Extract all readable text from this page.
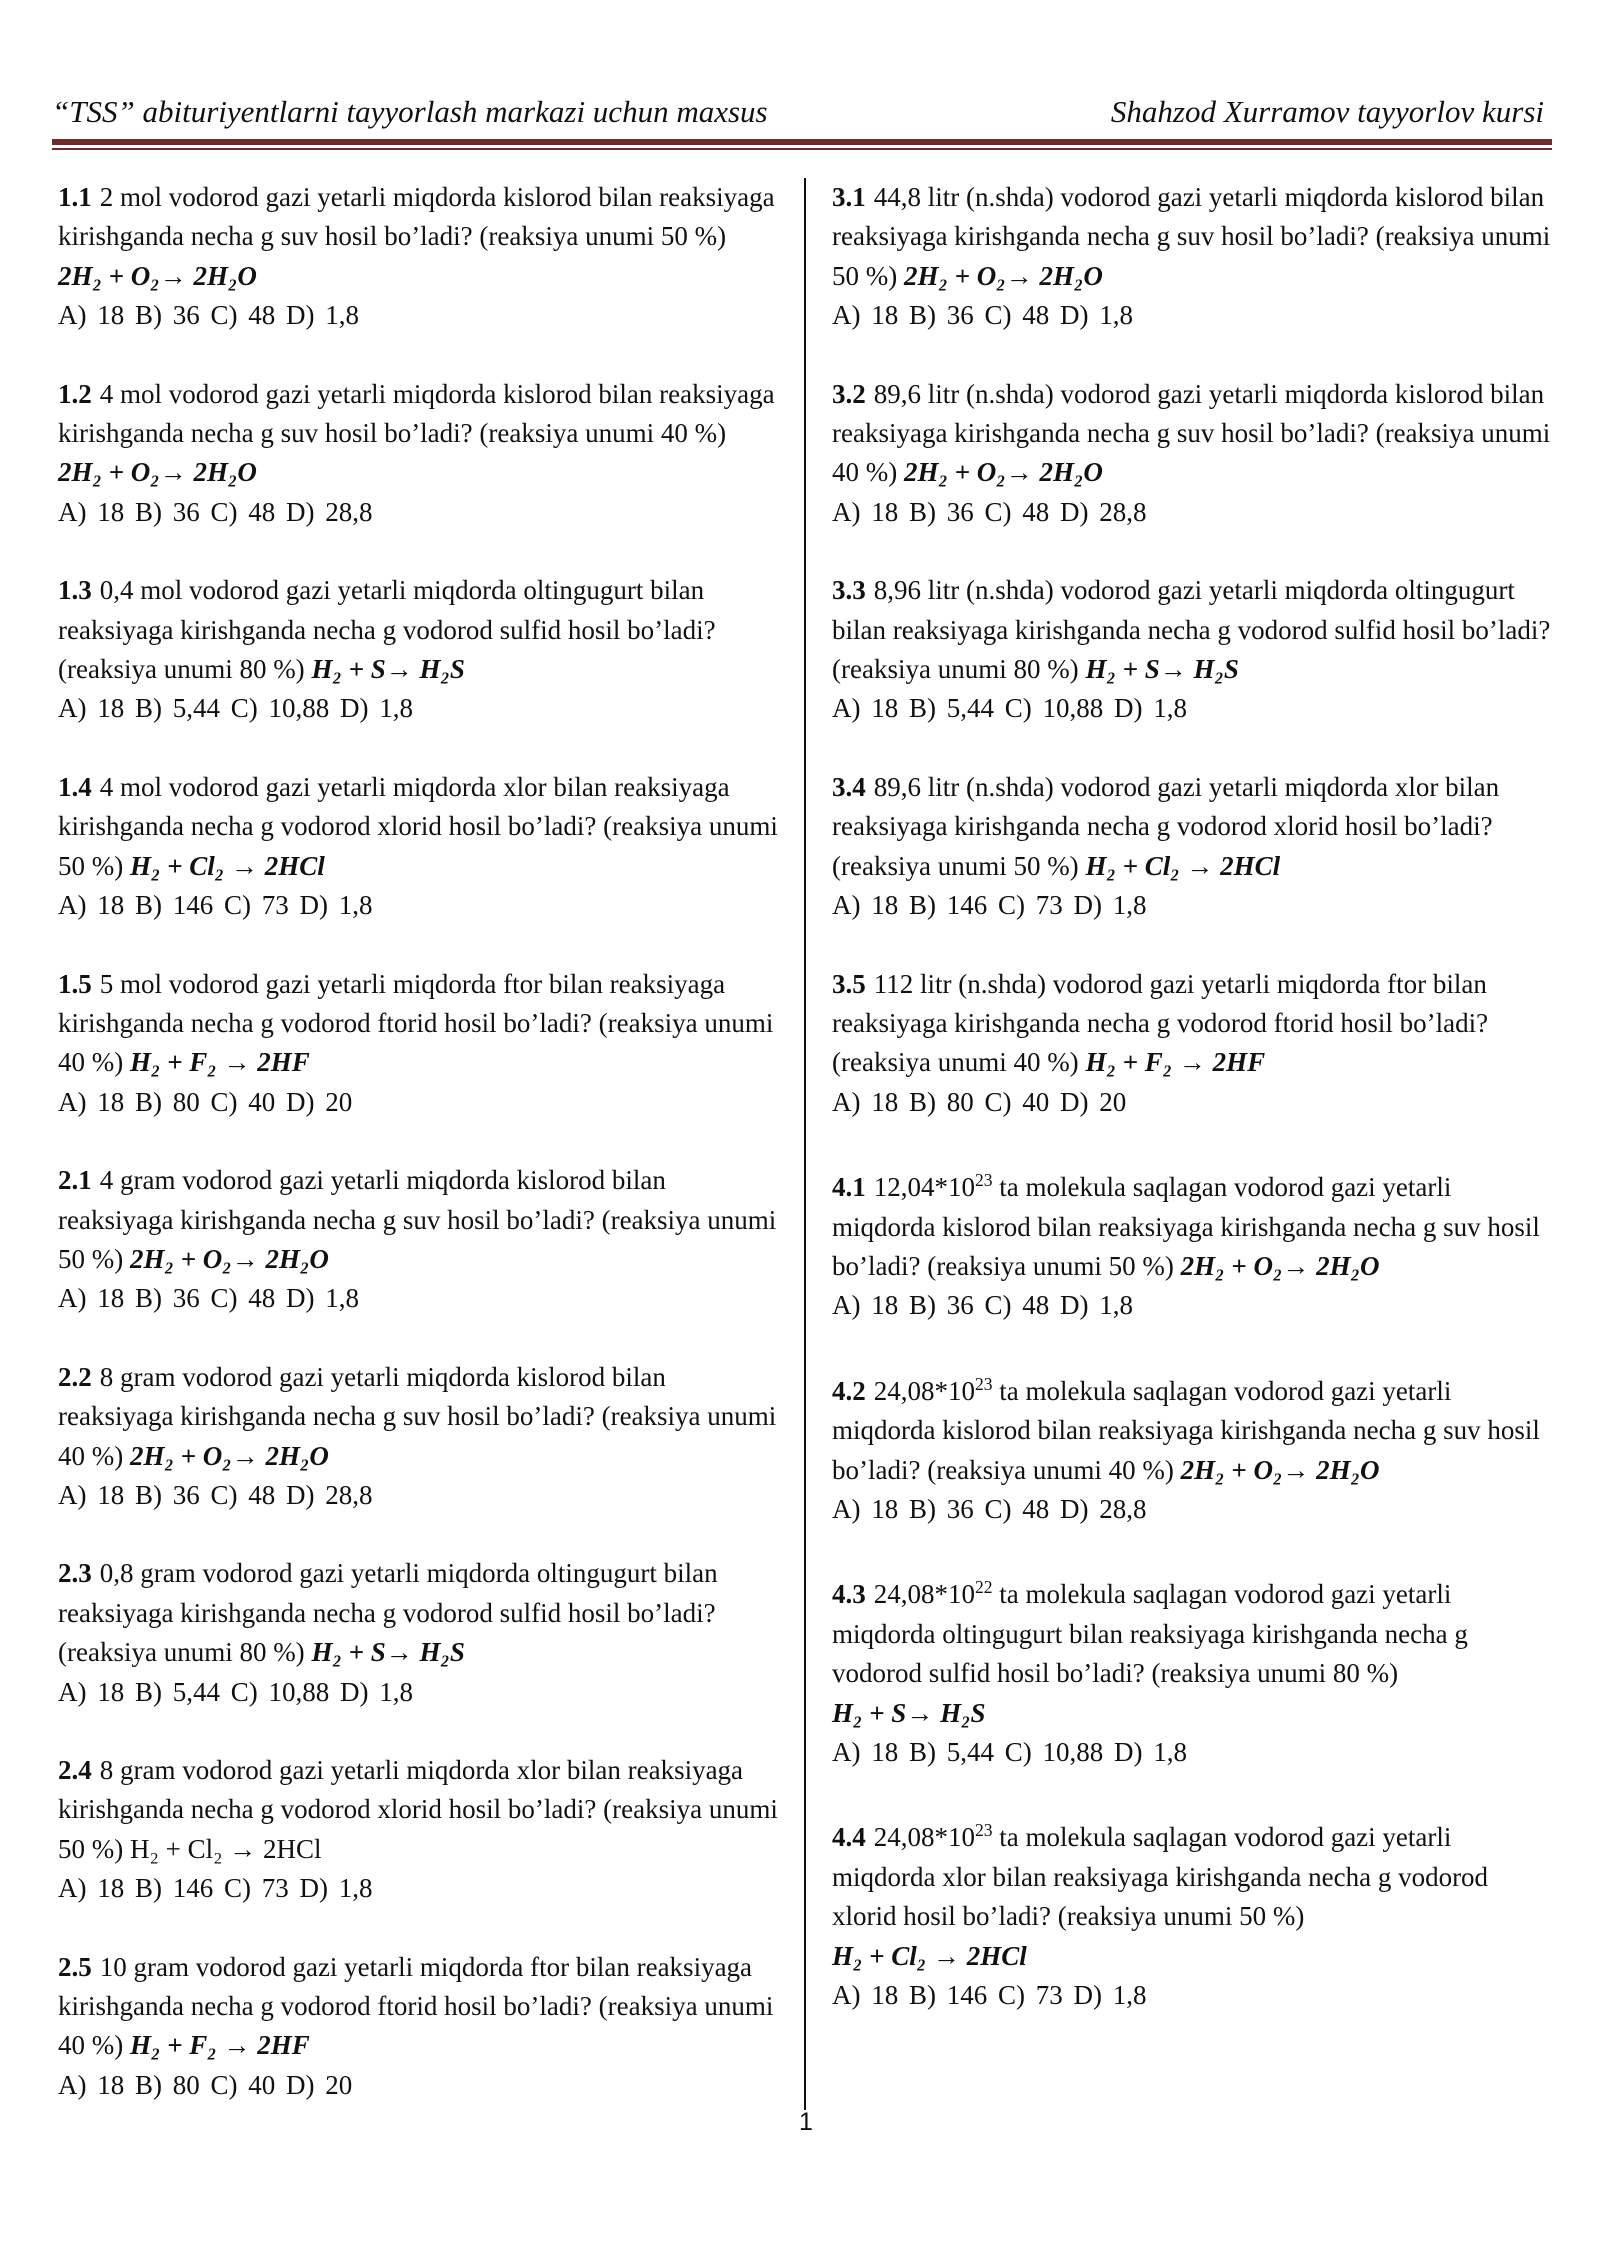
“TSS” abituriyentlarni tayyorlash markazi uchun maxsus	Shahzod Xurramov tayyorlov kursi
1.1 2 mol vodorod gazi yetarli miqdorda kislorod bilan reaksiyaga kirishganda necha g suv hosil bo’ladi? (reaksiya unumi 50 %) 2H₂ + O₂→ 2H₂O
A) 18 B) 36 C) 48 D) 1,8
1.2 4 mol vodorod gazi yetarli miqdorda kislorod bilan reaksiyaga kirishganda necha g suv hosil bo’ladi? (reaksiya unumi 40 %) 2H₂ + O₂→ 2H₂O
A) 18 B) 36 C) 48 D) 28,8
1.3 0,4 mol vodorod gazi yetarli miqdorda oltingugurt bilan reaksiyaga kirishganda necha g vodorod sulfid hosil bo’ladi? (reaksiya unumi 80 %) H₂ + S→ H₂S
A) 18 B) 5,44 C) 10,88 D) 1,8
1.4 4 mol vodorod gazi yetarli miqdorda xlor bilan reaksiyaga kirishganda necha g vodorod xlorid hosil bo’ladi? (reaksiya unumi 50 %) H₂ + Cl₂ → 2HCl
A) 18 B) 146 C) 73 D) 1,8
1.5 5 mol vodorod gazi yetarli miqdorda ftor bilan reaksiyaga kirishganda necha g vodorod ftorid hosil bo’ladi? (reaksiya unumi 40 %) H₂ + F₂ → 2HF
A) 18 B) 80 C) 40 D) 20
2.1 4 gram vodorod gazi yetarli miqdorda kislorod bilan reaksiyaga kirishganda necha g suv hosil bo’ladi? (reaksiya unumi 50 %) 2H₂ + O₂→ 2H₂O
A) 18 B) 36 C) 48 D) 1,8
2.2 8 gram vodorod gazi yetarli miqdorda kislorod bilan reaksiyaga kirishganda necha g suv hosil bo’ladi? (reaksiya unumi 40 %) 2H₂ + O₂→ 2H₂O
A) 18 B) 36 C) 48 D) 28,8
2.3 0,8 gram vodorod gazi yetarli miqdorda oltingugurt bilan reaksiyaga kirishganda necha g vodorod sulfid hosil bo’ladi? (reaksiya unumi 80 %) H₂ + S→ H₂S
A) 18 B) 5,44 C) 10,88 D) 1,8
2.4 8 gram vodorod gazi yetarli miqdorda xlor bilan reaksiyaga kirishganda necha g vodorod xlorid hosil bo’ladi? (reaksiya unumi 50 %) H₂ + Cl₂ → 2HCl
A) 18 B) 146 C) 73 D) 1,8
2.5 10 gram vodorod gazi yetarli miqdorda ftor bilan reaksiyaga kirishganda necha g vodorod ftorid hosil bo’ladi? (reaksiya unumi 40 %) H₂ + F₂ → 2HF
A) 18 B) 80 C) 40 D) 20
3.1 44,8 litr (n.shda) vodorod gazi yetarli miqdorda kislorod bilan reaksiyaga kirishganda necha g suv hosil bo’ladi? (reaksiya unumi 50 %) 2H₂ + O₂→ 2H₂O
A) 18 B) 36 C) 48 D) 1,8
3.2 89,6 litr (n.shda) vodorod gazi yetarli miqdorda kislorod bilan reaksiyaga kirishganda necha g suv hosil bo’ladi? (reaksiya unumi 40 %) 2H₂ + O₂→ 2H₂O
A) 18 B) 36 C) 48 D) 28,8
3.3 8,96 litr (n.shda) vodorod gazi yetarli miqdorda oltingugurt bilan reaksiyaga kirishganda necha g vodorod sulfid hosil bo’ladi? (reaksiya unumi 80 %) H₂ + S→ H₂S
A) 18 B) 5,44 C) 10,88 D) 1,8
3.4 89,6 litr (n.shda) vodorod gazi yetarli miqdorda xlor bilan reaksiyaga kirishganda necha g vodorod xlorid hosil bo’ladi? (reaksiya unumi 50 %) H₂ + Cl₂ → 2HCl
A) 18 B) 146 C) 73 D) 1,8
3.5 112 litr (n.shda) vodorod gazi yetarli miqdorda ftor bilan reaksiyaga kirishganda necha g vodorod ftorid hosil bo’ladi? (reaksiya unumi 40 %) H₂ + F₂ → 2HF
A) 18 B) 80 C) 40 D) 20
4.1 $12,04*10^{23}$ ta molekula saqlagan vodorod gazi yetarli miqdorda kislorod bilan reaksiyaga kirishganda necha g suv hosil bo’ladi? (reaksiya unumi 50 %) 2H₂ + O₂→ 2H₂O
A) 18 B) 36 C) 48 D) 1,8
4.2 $24,08*10^{23}$ ta molekula saqlagan vodorod gazi yetarli miqdorda kislorod bilan reaksiyaga kirishganda necha g suv hosil bo’ladi? (reaksiya unumi 40 %) 2H₂ + O₂→ 2H₂O
A) 18 B) 36 C) 48 D) 28,8
4.3 $24,08*10^{22}$ ta molekula saqlagan vodorod gazi yetarli miqdorda oltingugurt bilan reaksiyaga kirishganda necha g vodorod sulfid hosil bo’ladi? (reaksiya unumi 80 %)
H₂ + S→ H₂S
A) 18 B) 5,44 C) 10,88 D) 1,8
4.4 $24,08*10^{23}$ ta molekula saqlagan vodorod gazi yetarli miqdorda xlor bilan reaksiyaga kirishganda necha g vodorod xlorid hosil bo’ladi? (reaksiya unumi 50 %)
H₂ + Cl₂ → 2HCl
A) 18 B) 146 C) 73 D) 1,8
1
